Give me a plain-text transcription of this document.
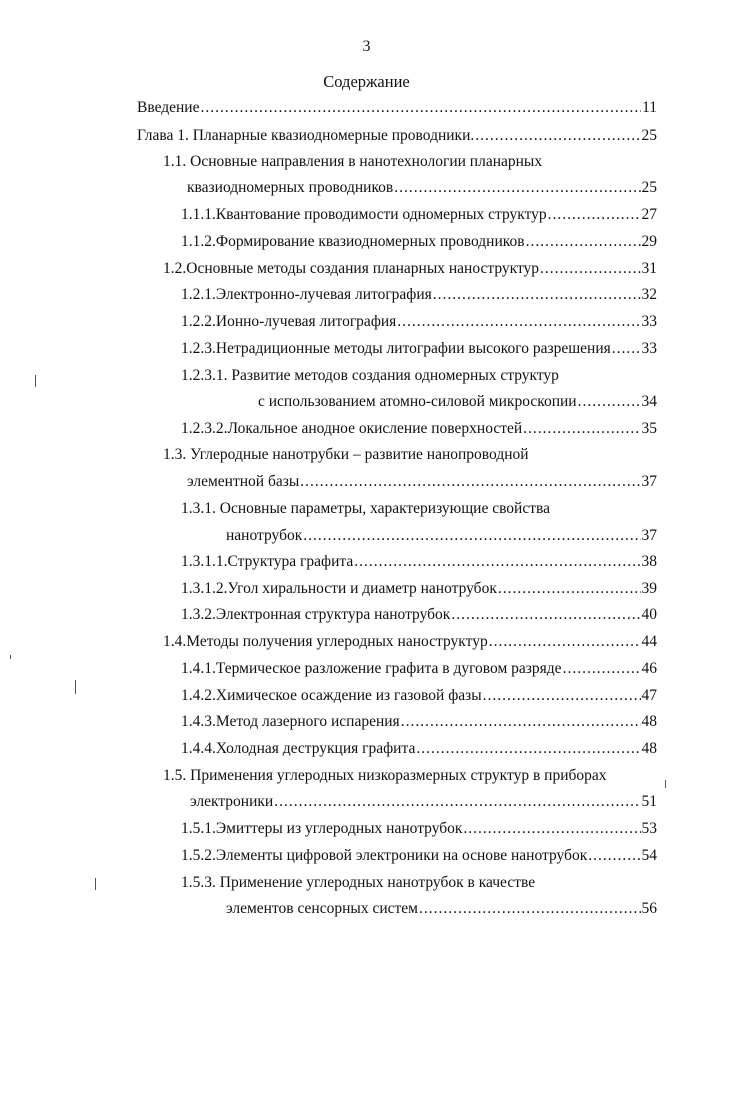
3
Содержание
Введение .....	11
Глава 1. Планарные квазиодномерные проводники. .....	25
1.1. Основные направления в нанотехнологии планарных
квазиодномерных проводников .....	25
1.1.1. Квантование проводимости одномерных структур .....	27
1.1.2. Формирование квазиодномерных проводников .....	29
1.2. Основные методы создания планарных наноструктур .....	31
1.2.1. Электронно-лучевая литография .....	32
1.2.2. Ионно-лучевая литография .....	33
1.2.3. Нетрадиционные методы литографии высокого разрешения ..... 33
1.2.3.1. Развитие методов создания одномерных структур
с использованием атомно-силовой микроскопии .....	34
1.2.3.2. Локальное анодное окисление поверхностей .....	35
1.3. Углеродные нанотрубки – развитие нанопроводной
элементной базы .....	37
1.3.1. Основные параметры, характеризующие свойства
нанотрубок .....	37
1.3.1.1. Структура графита .....	38
1.3.1.2. Угол хиральности и диаметр нанотрубок .....	39
1.3.2. Электронная структура нанотрубок .....	40
1.4. Методы получения углеродных наноструктур .....	44
1.4.1. Термическое разложение графита в дуговом разряде .....	46
1.4.2. Химическое осаждение из газовой фазы .....	47
1.4.3. Метод лазерного испарения .....	48
1.4.4. Холодная деструкция графита .....	48
1.5. Применения углеродных низкоразмерных структур в приборах
электроники .....	51
1.5.1. Эмиттеры из углеродных нанотрубок .....	53
1.5.2. Элементы цифровой электроники на основе нанотрубок .....	54
1.5.3. Применение углеродных нанотрубок в качестве
элементов сенсорных систем .....	56
